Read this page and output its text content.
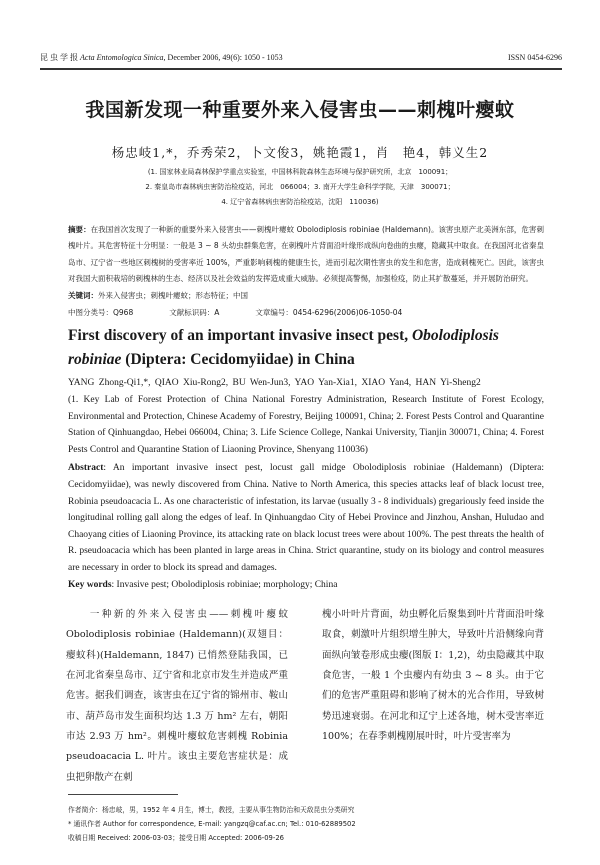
昆 虫 学 报 Acta Entomologica Sinica, December 2006, 49(6): 1050 - 1053	ISSN 0454-6296
我国新发现一种重要外来入侵害虫——刺槐叶瘿蚊
杨忠岐1,*，乔秀荣2，卜文俊3，姚艳霞1，肖　艳4，韩义生2
(1. 国家林业局森林保护学重点实验室，中国林科院森林生态环境与保护研究所，北京　100091；
2. 秦皇岛市森林病虫害防治检疫站，河北　066004；3. 南开大学生命科学学院，天津　300071；
4. 辽宁省森林病虫害防治检疫站，沈阳　110036)
摘要：在我国首次发现了一种新的重要外来入侵害虫——刺槐叶瘿蚊 Obolodiplosis robiniae (Haldemann)。该害虫原产北美洲东部，危害刺槐叶片。其危害特征十分明显：一般是 3 ~ 8 头幼虫群集危害，在刺槐叶片背面沿叶缘形成纵向卷曲的虫瘿，隐藏其中取食。在我国河北省秦皇岛市、辽宁省一些地区刺槐树的受害率近 100%，严重影响刺槐的健康生长，进而引起次期性害虫的发生和危害，造成刺槐死亡。因此，该害虫对我国大面积栽培的刺槐林的生态、经济以及社会效益的发挥造成重大威胁。必须提高警惕，加强检疫，防止其扩散蔓延，并开展防治研究。
关键词：外来入侵害虫；刺槐叶瘿蚊；形态特征；中国
中图分类号：Q968	文献标识码：A	文章编号：0454-6296(2006)06-1050-04
First discovery of an important invasive insect pest, Obolodiplosis robiniae (Diptera: Cecidomyiidae) in China
YANG Zhong-Qi1,*, QIAO Xiu-Rong2, BU Wen-Jun3, YAO Yan-Xia1, XIAO Yan4, HAN Yi-Sheng2
(1. Key Lab of Forest Protection of China National Forestry Administration, Research Institute of Forest Ecology, Environmental and Protection, Chinese Academy of Forestry, Beijing 100091, China; 2. Forest Pests Control and Quarantine Station of Qinhuangdao, Hebei 066004, China; 3. Life Science College, Nankai University, Tianjin 300071, China; 4. Forest Pests Control and Quarantine Station of Liaoning Province, Shenyang 110036)
Abstract: An important invasive insect pest, locust gall midge Obolodiplosis robiniae (Haldemann) (Diptera: Cecidomyiidae), was newly discovered from China. Native to North America, this species attacks leaf of black locust tree, Robinia pseudoacacia L. As one characteristic of infestation, its larvae (usually 3 - 8 individuals) gregariously feed inside the longitudinal rolling gall along the edges of leaf. In Qinhuangdao City of Hebei Province and Jinzhou, Anshan, Huludao and Chaoyang cities of Liaoning Province, its attacking rate on black locust trees were about 100%. The pest threats the health of R. pseudoacacia which has been planted in large areas in China. Strict quarantine, study on its biology and control measures are necessary in order to block its spread and damages.
Key words: Invasive pest; Obolodiplosis robiniae; morphology; China
　　一种新的外来入侵害虫——刺槐叶瘿蚊 Obolodiplosis robiniae (Haldemann)(双翅目：瘿蚊科)(Haldemann, 1847) 已悄然登陆我国，已在河北省秦皇岛市、辽宁省和北京市发生并造成严重危害。据我们调查，该害虫在辽宁省的锦州市、鞍山市、葫芦岛市发生面积均达 1.3 万 hm² 左右，朝阳市达 2.93 万 hm²。刺槐叶瘿蚊危害刺槐 Robinia pseudoacacia L. 叶片。该虫主要危害症状是：成虫把卵散产在刺
槐小叶叶片背面，幼虫孵化后聚集到叶片背面沿叶缘取食，刺激叶片组织增生肿大，导致叶片沿侧缘向背面纵向皱卷形成虫瘿(图版 Ⅰ：1,2)，幼虫隐藏其中取食危害，一般 1 个虫瘿内有幼虫 3 ~ 8 头。由于它们的危害严重阻碍和影响了树木的光合作用，导致树势迅速衰弱。在河北和辽宁上述各地，树木受害率近 100%；在春季刺槐刚展叶时，叶片受害率为
作者简介：杨忠岐，男，1952 年 4 月生，博士，教授，主要从事生物防治和天敌昆虫分类研究
* 通讯作者 Author for correspondence, E-mail: yangzq@caf.ac.cn; Tel.: 010-62889502
收稿日期 Received: 2006-03-03；接受日期 Accepted: 2006-09-26
